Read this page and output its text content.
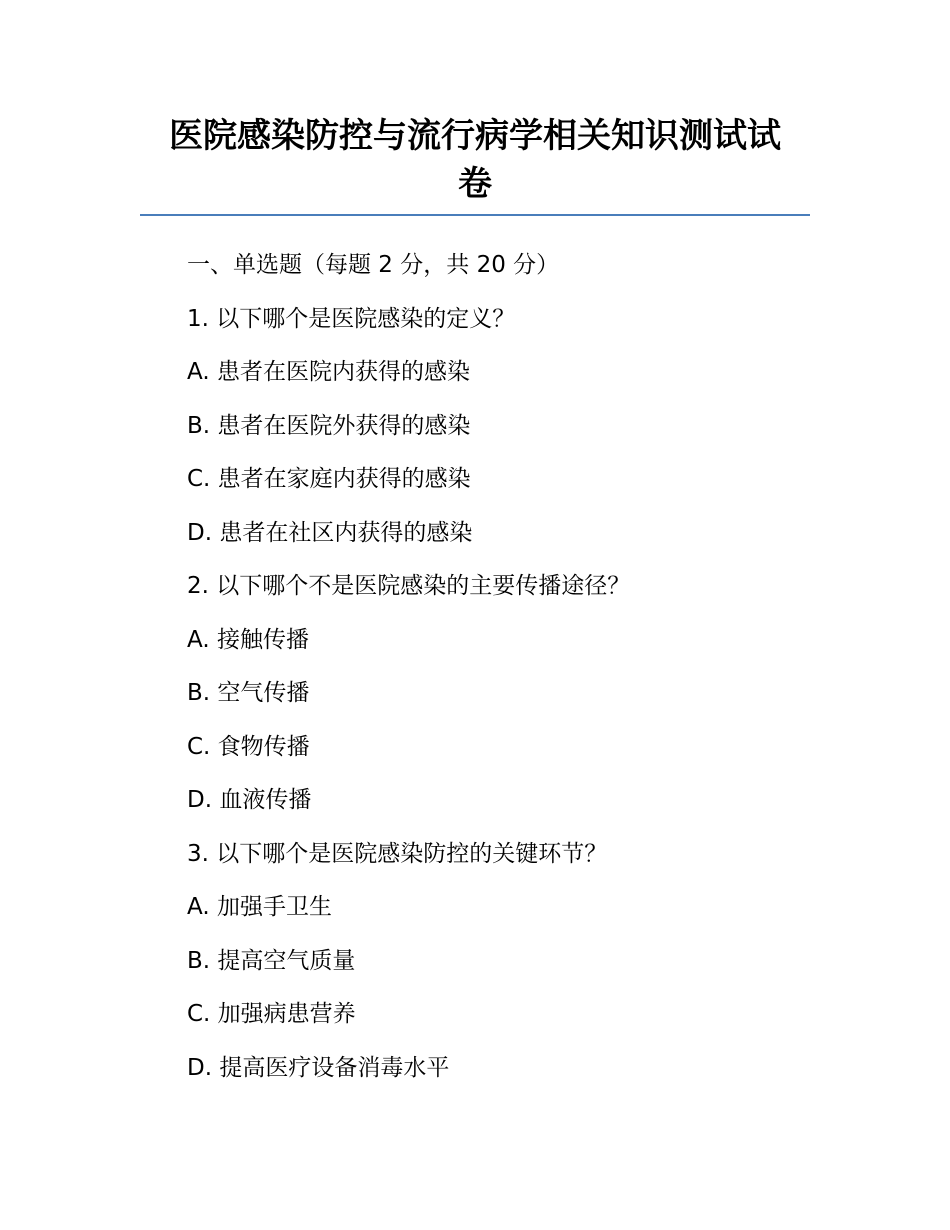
医院感染防控与流行病学相关知识测试试
卷
一、单选题（每题 2 分，共 20 分）
1. 以下哪个是医院感染的定义？
A. 患者在医院内获得的感染
B. 患者在医院外获得的感染
C. 患者在家庭内获得的感染
D. 患者在社区内获得的感染
2. 以下哪个不是医院感染的主要传播途径？
A. 接触传播
B. 空气传播
C. 食物传播
D. 血液传播
3. 以下哪个是医院感染防控的关键环节？
A. 加强手卫生
B. 提高空气质量
C. 加强病患营养
D. 提高医疗设备消毒水平
